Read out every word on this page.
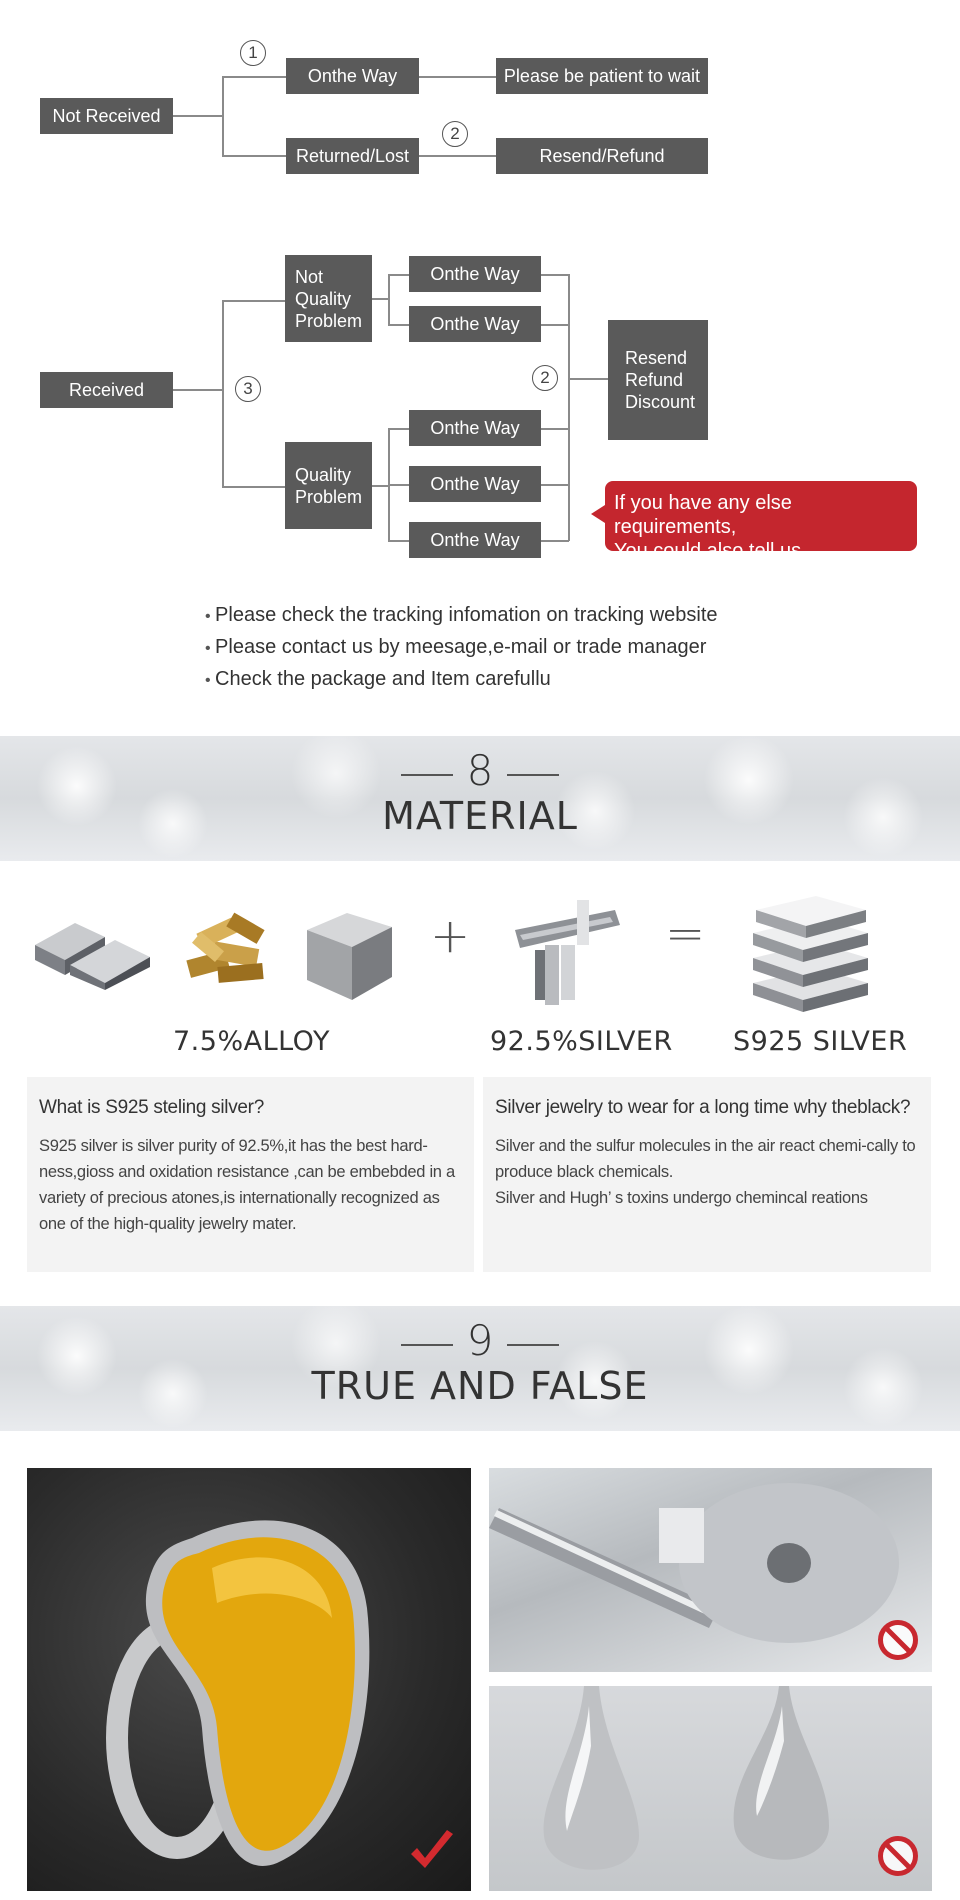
Not Received
1
Onthe Way
Returned/Lost
2
Please be patient to wait
Resend/Refund
Received	3
Not
Quality
Problem
Quality
Problem
Onthe Way
Onthe Way
Onthe Way
Onthe Way
Onthe Way
2
Resend
Refund
Discount
If you have any else requirements,
You could also tell us.
• Please check the tracking infomation on tracking website
• Please contact us by meesage,e-mail or trade manager
• Check the package and Item carefullu
8
MATERIAL
+	=
7.5%ALLOY	92.5%SILVER S925 SILVER
What is S925 steling silver?

S925 silver is silver purity of 92.5%,it has the best hard-ness,gioss and oxidation resistance ,can be embebded in a variety of precious atones,is internationally recognized as one of the high-quality jewelry mater.

Silver jewelry to wear for a long time why theblack?

Silver and the sulfur molecules in the air react chemi-cally to produce black chemicals.
Silver and Hugh’ s toxins undergo chemincal reations

9
TRUE AND FALSE
